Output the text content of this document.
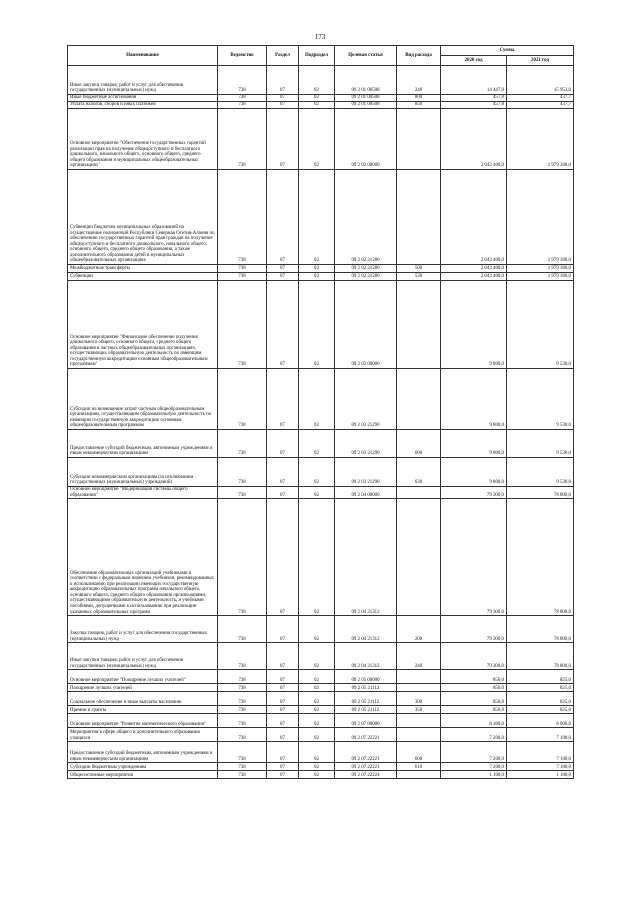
173
Наименование	Ведомство	Раздел	Подраздел	Целевая статья	Вид расхода	Сумма	
						2020 год	2021 год
Иные закупки товаров, работ и услуг для обеспечения государственных (муниципальных) нужд	738	07	02	09 2 01 00508	240	14 447,9	15 953,0
Иные бюджетные ассигнования	738	07	02	09 2 01 00508	800	457,8	437,7
Уплата налогов, сборов и иных платежей	738	07	02	09 2 01 00508	850	457,8	437,7
Основное мероприятие "Обеспечение государственных гарантий реализации прав на получение общедоступного и бесплатного дошкольного, начального общего, основного общего, среднего общего образования в муниципальных общеобразовательных организациях"	738	07	02	09 2 02 00000		2 043 400,0	1 979 300,0
Субвенции бюджетам муниципальных образований на осуществление полномочий Республики Северная Осетия-Алания по обеспечению государственных гарантий прав граждан на получение общедоступного и бесплатного дошкольного, начального общего, основного общего, среднего общего образования, а также дополнительного образования детей в муниципальных общеобразовательных организациях	738	07	02	09 2 02 21280		2 043 400,0	1 979 300,0
Межбюджетные трансферты	738	07	02	09 2 02 21280	500	2 043 400,0	1 979 300,0
Субвенции	738	07	02	09 2 02 21280	530	2 043 400,0	1 979 300,0
Основное мероприятие "Финансовое обеспечение получения дошкольного общего, основного общего, среднего общего образования в частных общеобразовательных организациях, осуществляющих образовательную деятельность по имеющим государственную аккредитацию основным общеобразовательным программам"	738	07	02	09 2 03 00000		9 800,0	9 530,0
Субсидии на возмещение затрат частным общеобразовательным организациям, осуществляющим образовательную деятельность по имеющим государственную аккредитацию основным общеобразовательным программам	738	07	02	09 2 03 21290		9 800,0	9 530,0
Предоставление субсидий бюджетным, автономным учреждениям и иным некоммерческим организациям	738	07	02	09 2 03 21290	600	9 800,0	9 530,0
Субсидии некоммерческим организациям (за исключением государственных (муниципальных) учреждений)	738	07	02	09 2 03 21290	630	9 800,0	9 530,0
Основное мероприятие "Модернизация системы общего образования"	738	07	02	09 2 04 00000		79 300,0	78 800,0
Обеспечение образовательных организаций учебниками в соответствии с федеральным перечнем учебников, рекомендованных к использованию при реализации имеющих государственную аккредитацию образовательных программ начального общего, основного общего, среднего общего образования организациями, осуществляющими образовательную деятельность, и учебными пособиями, допущенными к использованию при реализации указанных образовательных программ	738	07	02	09 2 04 21312		79 300,0	78 800,0
Закупка товаров, работ и услуг для обеспечения государственных (муниципальных) нужд	738	07	02	09 2 04 21312	200	79 300,0	78 800,0
Иные закупки товаров, работ и услуг для обеспечения государственных (муниципальных) нужд	738	07	02	09 2 04 21312	240	79 300,0	78 800,0
Основное мероприятие "Поощрение лучших учителей"	738	07	02	09 2 05 00000		850,0	825,0
Поощрение лучших учителей	738	07	02	09 2 05 21112		850,0	825,0
Социальное обеспечение и иные выплаты населению	738	07	02	09 2 05 21112	300	850,0	825,0
Премии и гранты	738	07	02	09 2 05 21112	350	850,0	825,0
Основное мероприятие "Развитие математического образования"	738	07	02	09 2 07 00000		8 300,0	8 000,0
Мероприятия в сфере общего и дополнительного образования учащихся	738	07	02	09 2 07 22221		7 200,0	7 100,0
Предоставление субсидий бюджетным, автономным учреждениям и иным некоммерческим организациям	738	07	02	09 2 07 22221	600	7 200,0	7 100,0
Субсидии бюджетным учреждениям	738	07	02	09 2 07 22221	610	7 200,0	7 100,0
Общесистемные мероприятия	738	07	02	09 2 07 22224		1 100,0	1 100,0
